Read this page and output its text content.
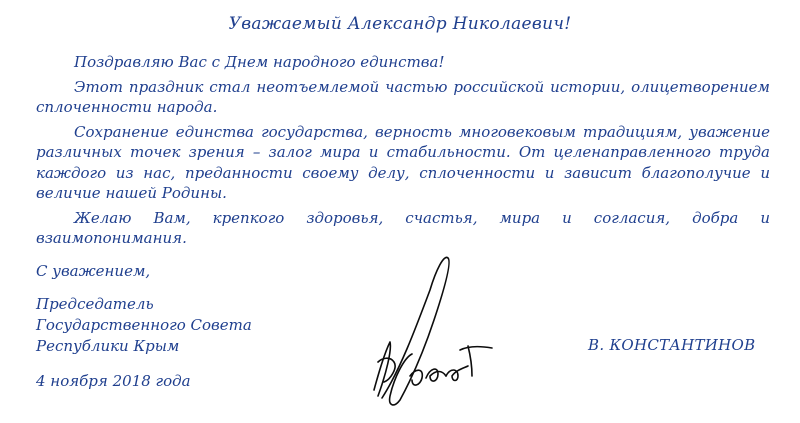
Уважаемый Александр Николаевич!

Поздравляю Вас с Днем народного единства!

Этот праздник стал неотъемлемой частью российской истории, олицетворением сплоченности народа.

Сохранение единства государства, верность многовековым традициям, уважение различных точек зрения – залог мира и стабильности. От целенаправленного труда каждого из нас, преданности своему делу, сплоченности и зависит благополучие и величие нашей Родины.

Желаю Вам, крепкого здоровья, счастья, мира и согласия, добра и взаимопонимания.

С уважением,
Председатель
Государственного Совета
Республики Крым	В. КОНСТАНТИНОВ
4 ноября 2018 года
